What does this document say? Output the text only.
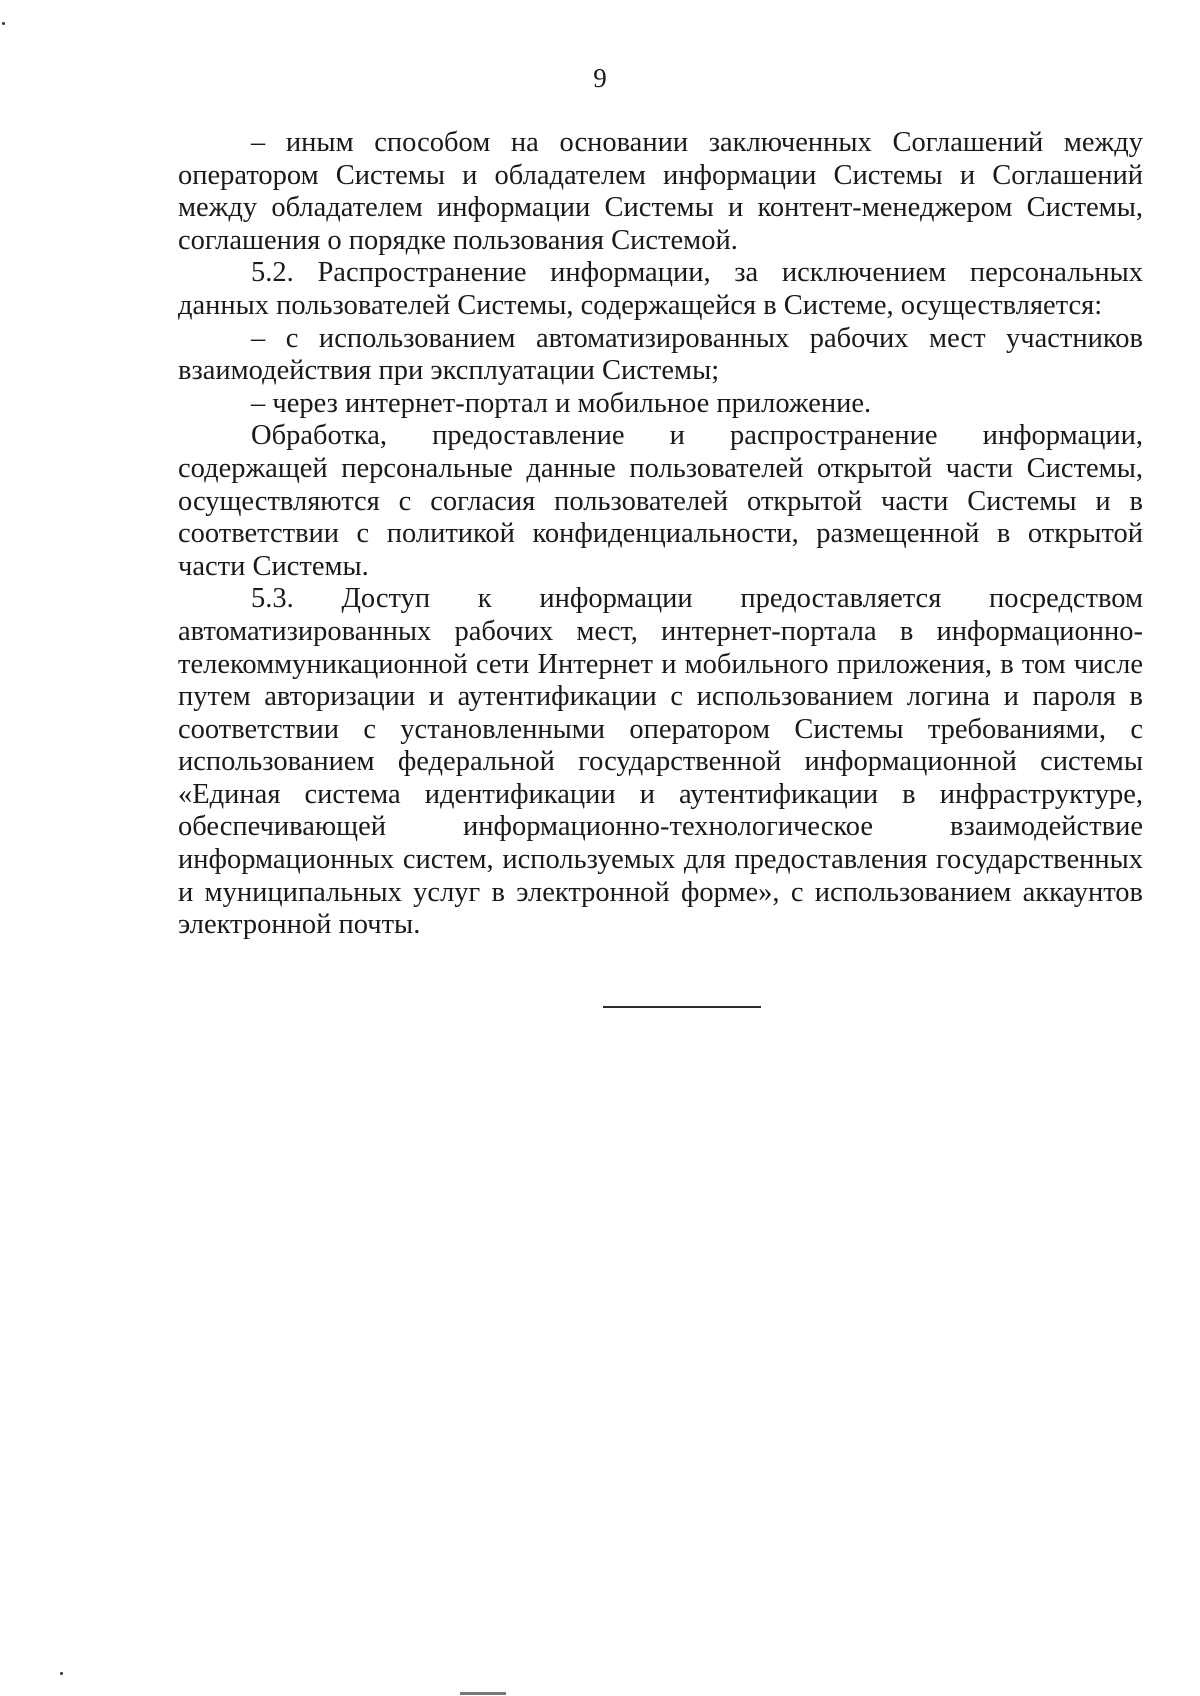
9

– иным способом на основании заключенных Соглашений между оператором Системы и обладателем информации Системы и Соглашений между обладателем информации Системы и контент-менеджером Системы, соглашения о порядке пользования Системой.

5.2. Распространение информации, за исключением персональных данных пользователей Системы, содержащейся в Системе, осуществляется:

– с использованием автоматизированных рабочих мест участников взаимодействия при эксплуатации Системы;

– через интернет-портал и мобильное приложение.

Обработка, предоставление и распространение информации, содержащей персональные данные пользователей открытой части Системы, осуществляются с согласия пользователей открытой части Системы и в соответствии с политикой конфиденциальности, размещенной в открытой части Системы.

5.3. Доступ к информации предоставляется посредством автоматизированных рабочих мест, интернет-портала в информационно-телекоммуникационной сети Интернет и мобильного приложения, в том числе путем авторизации и аутентификации с использованием логина и пароля в соответствии с установленными оператором Системы требованиями, с использованием федеральной государственной информационной системы «Единая система идентификации и аутентификации в инфраструктуре, обеспечивающей информационно-технологическое взаимодействие информационных систем, используемых для предоставления государственных и муниципальных услуг в электронной форме», с использованием аккаунтов электронной почты.
